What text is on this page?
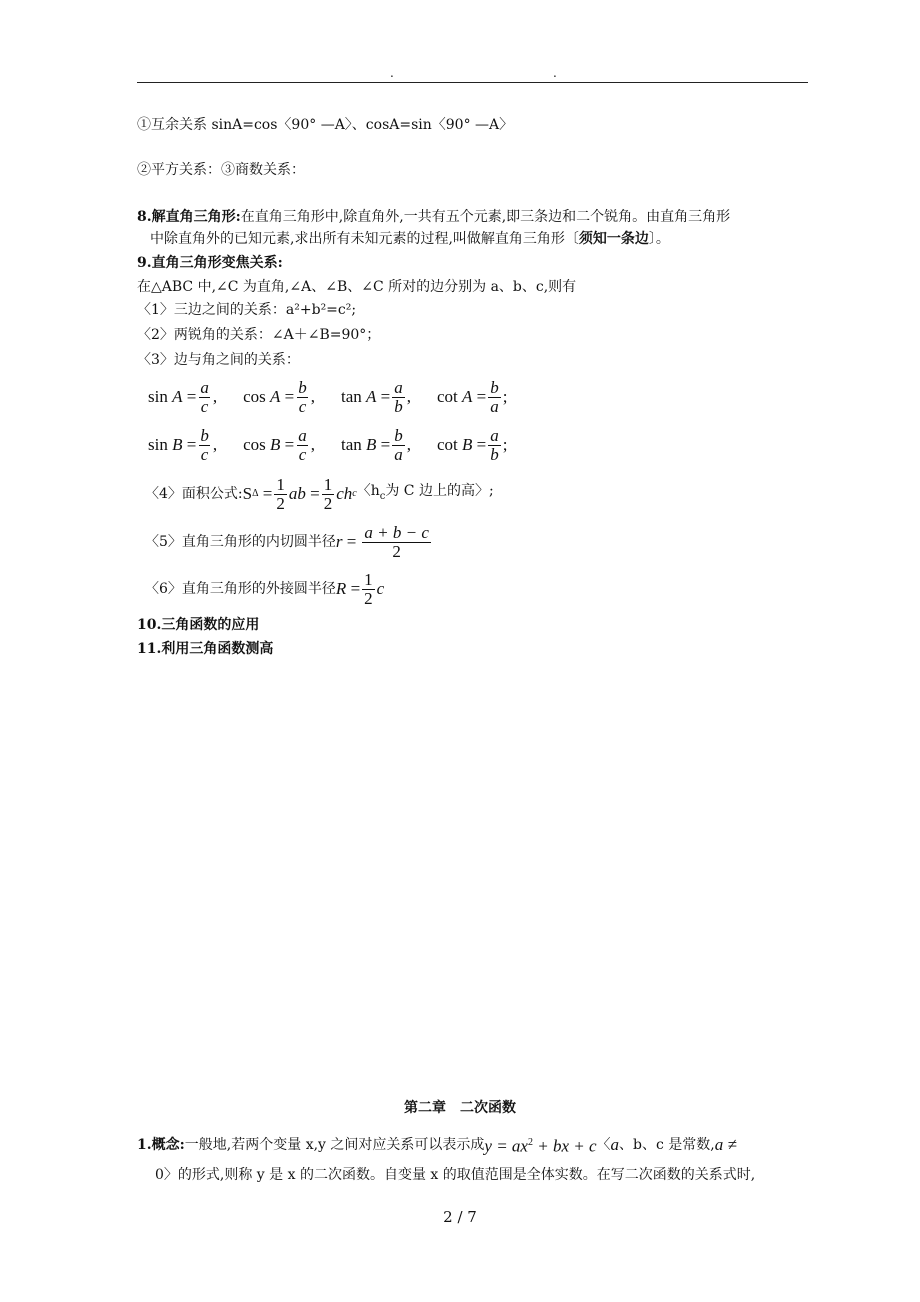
.	.
①互余关系 sinA=cos〈90° —A〉、cosA=sin〈90° —A〉
②平方关系：③商数关系：
8.解直角三角形:在直角三角形中,除直角外,一共有五个元素,即三条边和二个锐角。由直角三角形
中除直角外的已知元素,求出所有未知元素的过程,叫做解直角三角形〔须知一条边〕。
9.直角三角形变焦关系:
在△ABC 中,∠C 为直角,∠A、∠B、∠C 所对的边分别为 a、b、c,则有
〈1〉三边之间的关系：a²+b²=c²;
〈2〉两锐角的关系：∠A＋∠B=90°；
〈3〉边与角之间的关系：
sin
$A = \frac{a}{c}$ , cos
$A = \frac{b}{c}$ , tan
$A = \frac{a}{b}$ , cot
$A = \frac{b}{a}$ ;
sin
$B = \frac{b}{c}$ , cos
$B = \frac{a}{c}$ , tan
$B = \frac{b}{a}$ , cot
$B = \frac{a}{b}$ ;
〈4〉面积公式: S Δ
= $\frac{1}{2}$ ab
= $\frac{1}{2}$ ch c 〈$h_c$为 C 边上的高〉;
〈5〉直角三角形的内切圆半径 r
= $\frac{a + b - c}{2}$
〈6〉直角三角形的外接圆半径 R
= $\frac{1}{2}$ c
10.三角函数的应用
11.利用三角函数测高
第二章　二次函数
1.概念: 一般地,若两个变量 x,y 之间对应关系可以表示成 $y = ax^2$ + bx + c 〈 a 、b、c 是常数, a ≠
0〉的形式,则称 y 是 x 的二次函数。自变量 x 的取值范围是全体实数。在写二次函数的关系式时,
2 / 7
